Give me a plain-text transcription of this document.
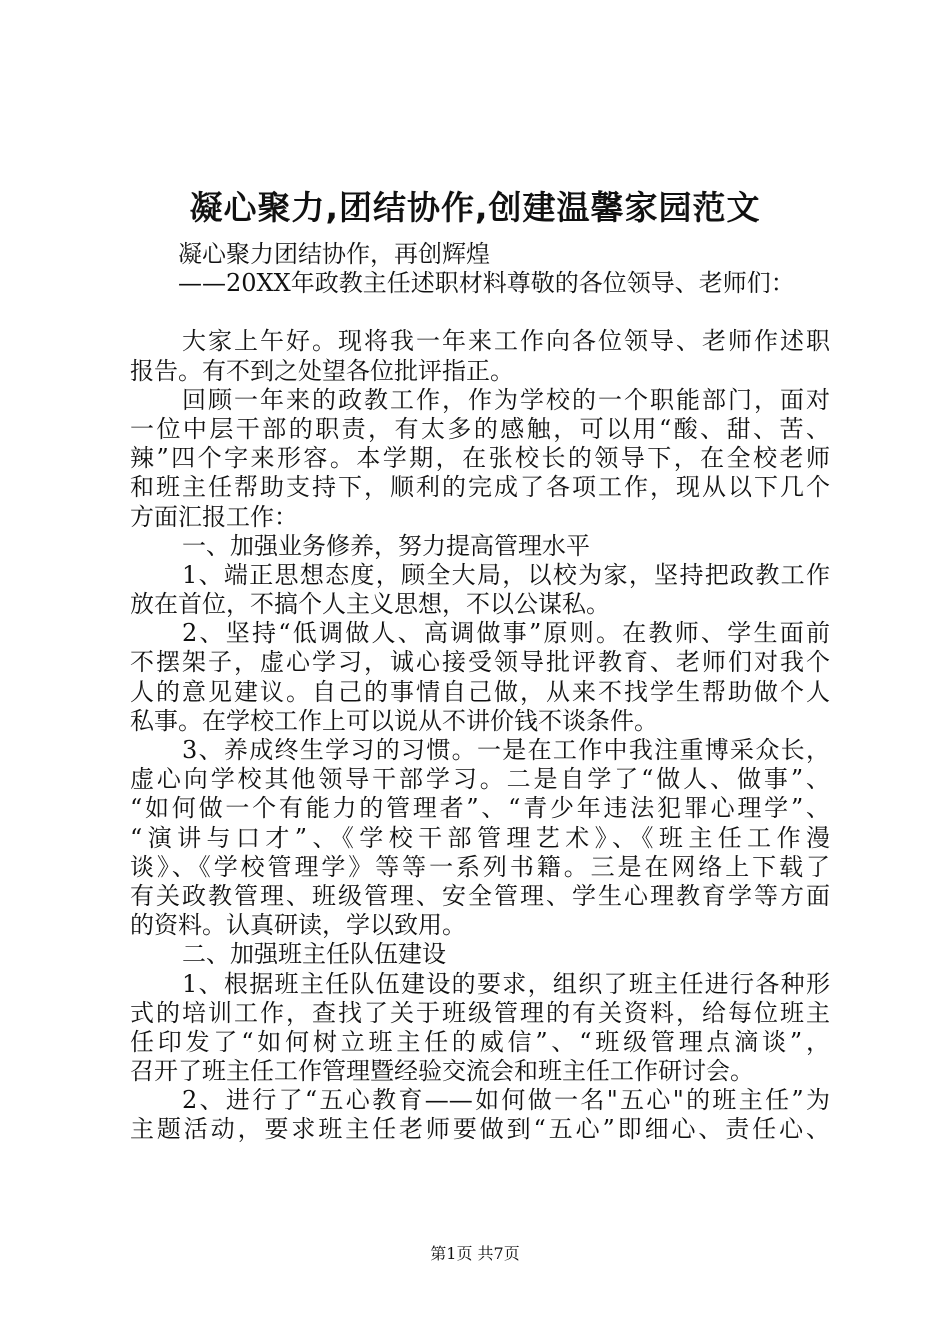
凝心聚力,团结协作,创建温馨家园范文
凝心聚力团结协作，再创辉煌
——20XX年政教主任述职材料尊敬的各位领导、老师们：
大家上午好。现将我一年来工作向各位领导、老师作述职
报告。有不到之处望各位批评指正。
回顾一年来的政教工作，作为学校的一个职能部门，面对
一位中层干部的职责，有太多的感触，可以用“酸、甜、苦、
辣”四个字来形容。本学期，在张校长的领导下，在全校老师
和班主任帮助支持下，顺利的完成了各项工作，现从以下几个
方面汇报工作：
一、加强业务修养，努力提高管理水平
1、端正思想态度，顾全大局，以校为家，坚持把政教工作
放在首位，不搞个人主义思想，不以公谋私。
2、坚持“低调做人、高调做事”原则。在教师、学生面前
不摆架子，虚心学习，诚心接受领导批评教育、老师们对我个
人的意见建议。自己的事情自己做，从来不找学生帮助做个人
私事。在学校工作上可以说从不讲价钱不谈条件。
3、养成终生学习的习惯。一是在工作中我注重博采众长，
虚心向学校其他领导干部学习。二是自学了“做人、做事”、
“如何做一个有能力的管理者”、“青少年违法犯罪心理学”、
“演讲与口才”、《学校干部管理艺术》、《班主任工作漫
谈》、《学校管理学》等等一系列书籍。三是在网络上下载了
有关政教管理、班级管理、安全管理、学生心理教育学等方面
的资料。认真研读，学以致用。
二、加强班主任队伍建设
1、根据班主任队伍建设的要求，组织了班主任进行各种形
式的培训工作，查找了关于班级管理的有关资料，给每位班主
任印发了“如何树立班主任的威信”、“班级管理点滴谈”，
召开了班主任工作管理暨经验交流会和班主任工作研讨会。
2、进行了“五心教育——如何做一名"五心"的班主任”为
主题活动，要求班主任老师要做到“五心”即细心、责任心、
第1页 共7页
